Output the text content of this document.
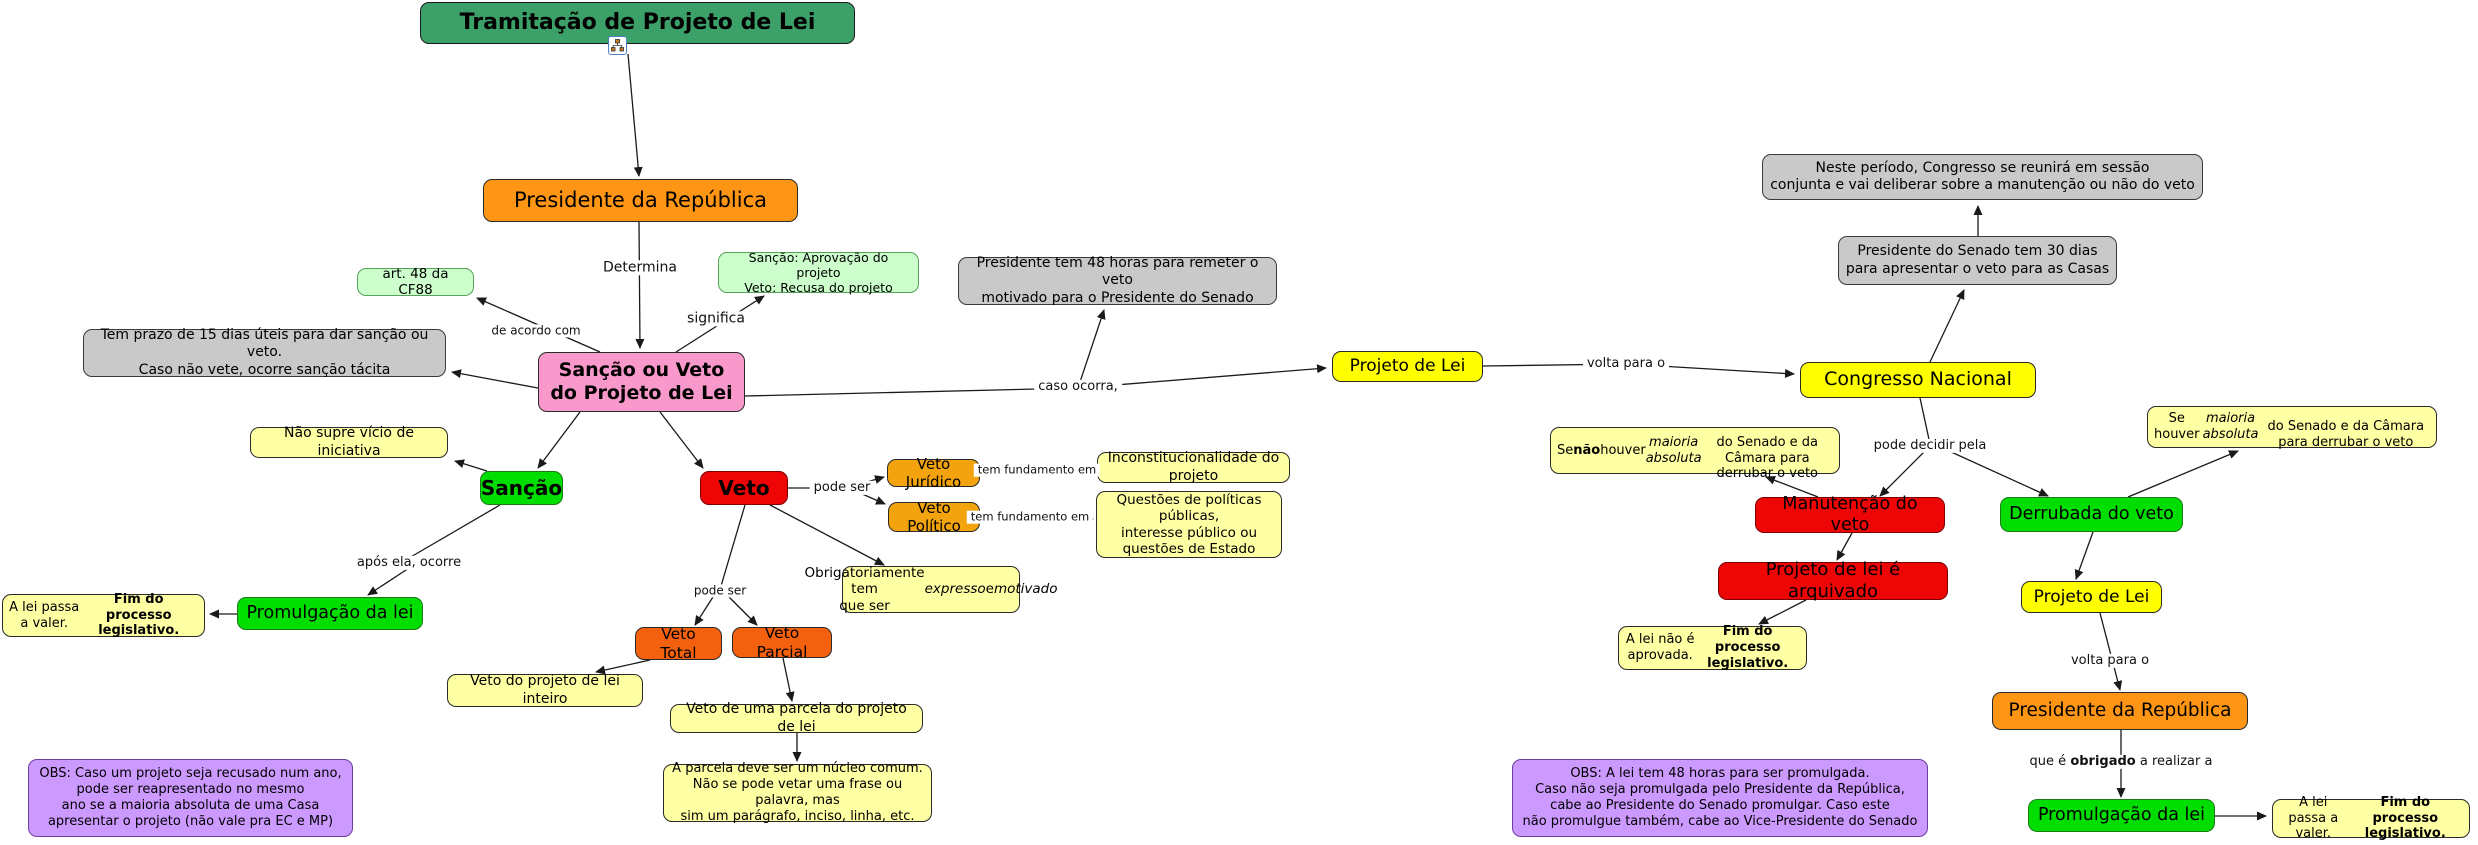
Tramitação de Projeto de Lei
Presidente da República
art. 48 da CF88
Tem prazo de 15 dias úteis para dar sanção ou veto.
Caso não vete, ocorre sanção tácita	Sanção ou Veto
do Projeto de Lei
Sanção: Aprovação do projeto
Veto: Recusa do projeto
Presidente tem 48 horas para remeter o veto
motivado para o Presidente do Senado
Projeto de Lei
Não supre vício de iniciativa
Sanção	Veto
Veto Jurídico
Inconstitucionalidade do projeto
Veto Político
Questões de políticas públicas,
interesse público ou
questões de Estado
Obrigatoriamente tem
que ser
expresso e motivado
Promulgação da lei
A lei passa a valer.

Fim do processo legislativo.
OBS: Caso um projeto seja recusado num ano,
pode ser reapresentado no mesmo
ano se a maioria absoluta de uma Casa
apresentar o projeto (não vale pra EC e MP)
Veto Total
Veto Parcial
Veto do projeto de lei inteiro
Veto de uma parcela do projeto de lei
A parcela deve ser um núcleo comum.
Não se pode vetar uma frase ou palavra, mas
sim um parágrafo, inciso, linha, etc.
Neste período, Congresso se reunirá em sessão
conjunta e vai deliberar sobre a manutenção ou não do veto
Presidente do Senado tem 30 dias
para apresentar o veto para as Casas
Congresso Nacional
Se não houver
maioria absoluta

do Senado e da Câmara para derrubar o veto
Se houver
maioria absoluta

do Senado e da Câmara para derrubar o veto
Manutenção do veto
Derrubada do veto
Projeto de lei é arquivado
A lei não é aprovada.

Fim do processo legislativo.
Projeto de Lei
Presidente da República
Promulgação da lei
A lei passa a valer.

Fim do processo legislativo.
OBS: A lei tem 48 horas para ser promulgada.
Caso não seja promulgada pelo Presidente da República,
cabe ao Presidente do Senado promulgar. Caso este
não promulgue também, cabe ao Vice-Presidente do Senado
Determina
de acordo com
significa
caso ocorra,
tem fundamento em
tem fundamento em
pode ser
pode ser
após ela, ocorre
volta para o
pode decidir pela
volta para o
que é obrigado a realizar a
